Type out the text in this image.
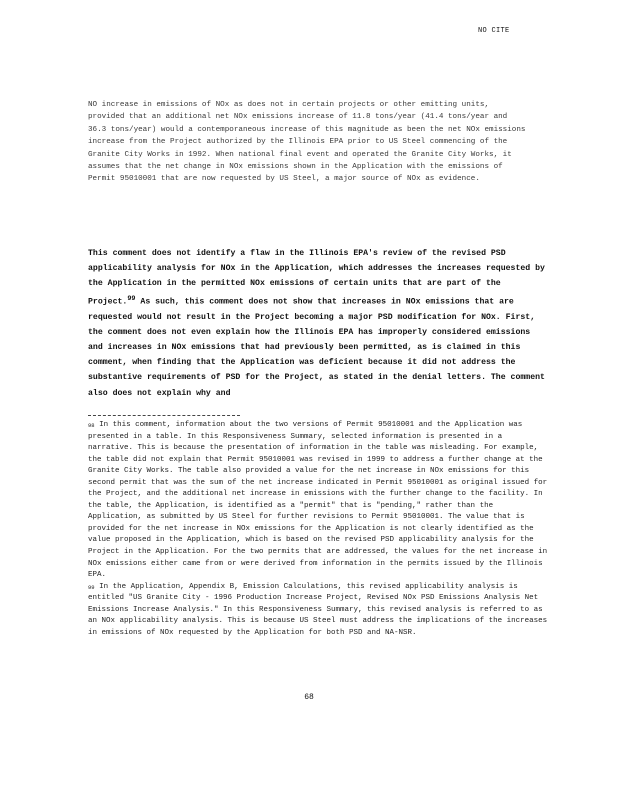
NO CITE

NO increase in emissions of NOx as does not in certain projects or other emitting units, provided that an additional net NOx emissions increase of 11.8 tons/year (41.4 tons/year and 36.3 tons/year) would a contemporaneous increase of this magnitude as been the net NOx emissions increase from the Project authorized by the Illinois EPA prior to US Steel commencing of the Granite City Works in 1992. When national final event and operated the Granite City Works, it assumes that the net change in NOx emissions shown in the Application with the emissions of Permit 95010001 that are now requested by US Steel, a major source of NOx as evidence.

This comment does not identify a flaw in the Illinois EPA's review of the revised PSD applicability analysis for NOx in the Application, which addresses the increases requested by the Application in the permitted NOx emissions of certain units that are part of the Project.$^{99}$ As such, this comment does not show that increases in NOx emissions that are requested would not result in the Project becoming a major PSD modification for NOx. First, the comment does not even explain how the Illinois EPA has improperly considered emissions and increases in NOx emissions that had previously been permitted, as is claimed in this comment, when finding that the Application was deficient because it did not address the substantive requirements of PSD for the Project, as stated in the denial letters. The comment also does not explain why and

$^{98}$ In this comment, information about the two versions of Permit 95010001 and the Application was presented in a table. In this Responsiveness Summary, selected information is presented in a narrative. This is because the presentation of information in the table was misleading. For example, the table did not explain that Permit 95010001 was revised in 1999 to address a further change at the Granite City Works. The table also provided a value for the net increase in NOx emissions for this second permit that was the sum of the net increase indicated in Permit 95010001 as original issued for the Project, and the additional net increase in emissions with the further change to the facility. In the table, the Application, is identified as a "permit" that is "pending," rather than the Application, as submitted by US Steel for further revisions to Permit 95010001. The value that is provided for the net increase in NOx emissions for the Application is not clearly identified as the value proposed in the Application, which is based on the revised PSD applicability analysis for the Project in the Application. For the two permits that are addressed, the values for the net increase in NOx emissions either came from or were derived from information in the permits issued by the Illinois EPA.

$^{99}$ In the Application, Appendix B, Emission Calculations, this revised applicability analysis is entitled "US Granite City - 1996 Production Increase Project, Revised NOx PSD Emissions Analysis Net Emissions Increase Analysis." In this Responsiveness Summary, this revised analysis is referred to as an NOx applicability analysis. This is because US Steel must address the implications of the increases in emissions of NOx requested by the Application for both PSD and NA-NSR.

68
